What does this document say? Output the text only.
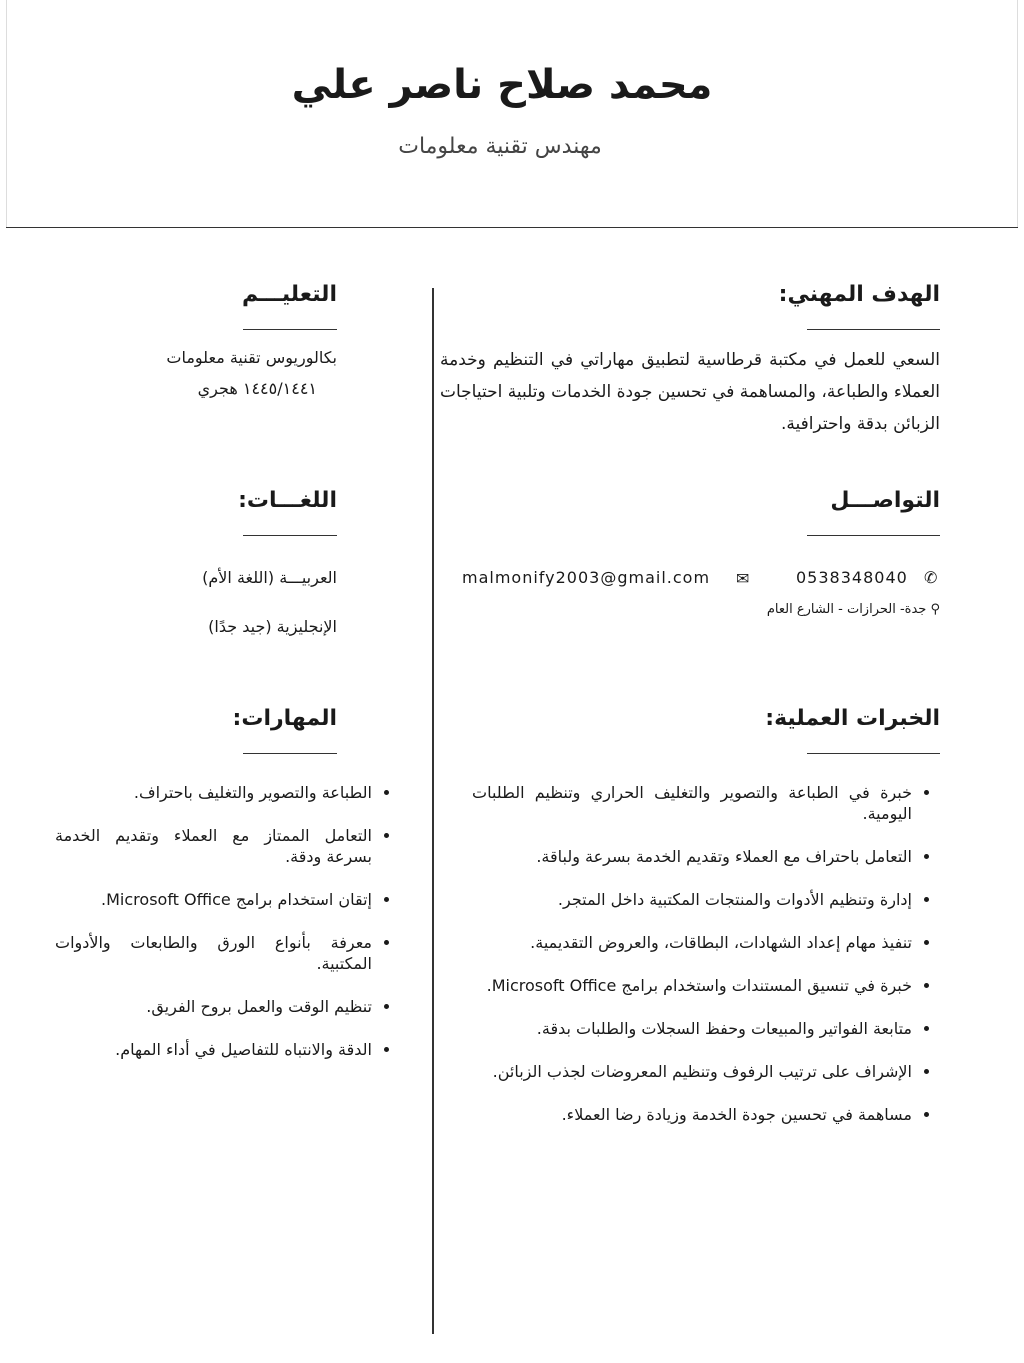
محمد صلاح ناصر علي
مهندس تقنية معلومات
الهدف المهني:
السعي للعمل في مكتبة قرطاسية لتطبيق مهاراتي في التنظيم وخدمة العملاء والطباعة، والمساهمة في تحسين جودة الخدمات وتلبية احتياجات الزبائن بدقة واحترافية.
التواصـــل
malmonify2003@gmail.com ✉	0538348040 ✆
⚲ جدة- الحرازات - الشارع العام
الخبرات العملية:
• خبرة في الطباعة والتصوير والتغليف الحراري وتنظيم الطلبات اليومية.
• التعامل باحتراف مع العملاء وتقديم الخدمة بسرعة ولباقة.
• إدارة وتنظيم الأدوات والمنتجات المكتبية داخل المتجر.
• تنفيذ مهام إعداد الشهادات، البطاقات، والعروض التقديمية.
• خبرة في تنسيق المستندات واستخدام برامج Microsoft Office.
• متابعة الفواتير والمبيعات وحفظ السجلات والطلبات بدقة.
• الإشراف على ترتيب الرفوف وتنظيم المعروضات لجذب الزبائن.
• مساهمة في تحسين جودة الخدمة وزيادة رضا العملاء.
التعليـــم
بكالوريوس تقنية معلومات
١٤٤٥/١٤٤١ هجري
اللغـــات:
العربيـــة (اللغة الأم)
الإنجليزية (جيد جدًا)
المهارات:
• الطباعة والتصوير والتغليف باحتراف.
• التعامل الممتاز مع العملاء وتقديم الخدمة بسرعة ودقة.
• إتقان استخدام برامج Microsoft Office.
• معرفة بأنواع الورق والطابعات والأدوات المكتبية.
• تنظيم الوقت والعمل بروح الفريق.
• الدقة والانتباه للتفاصيل في أداء المهام.
